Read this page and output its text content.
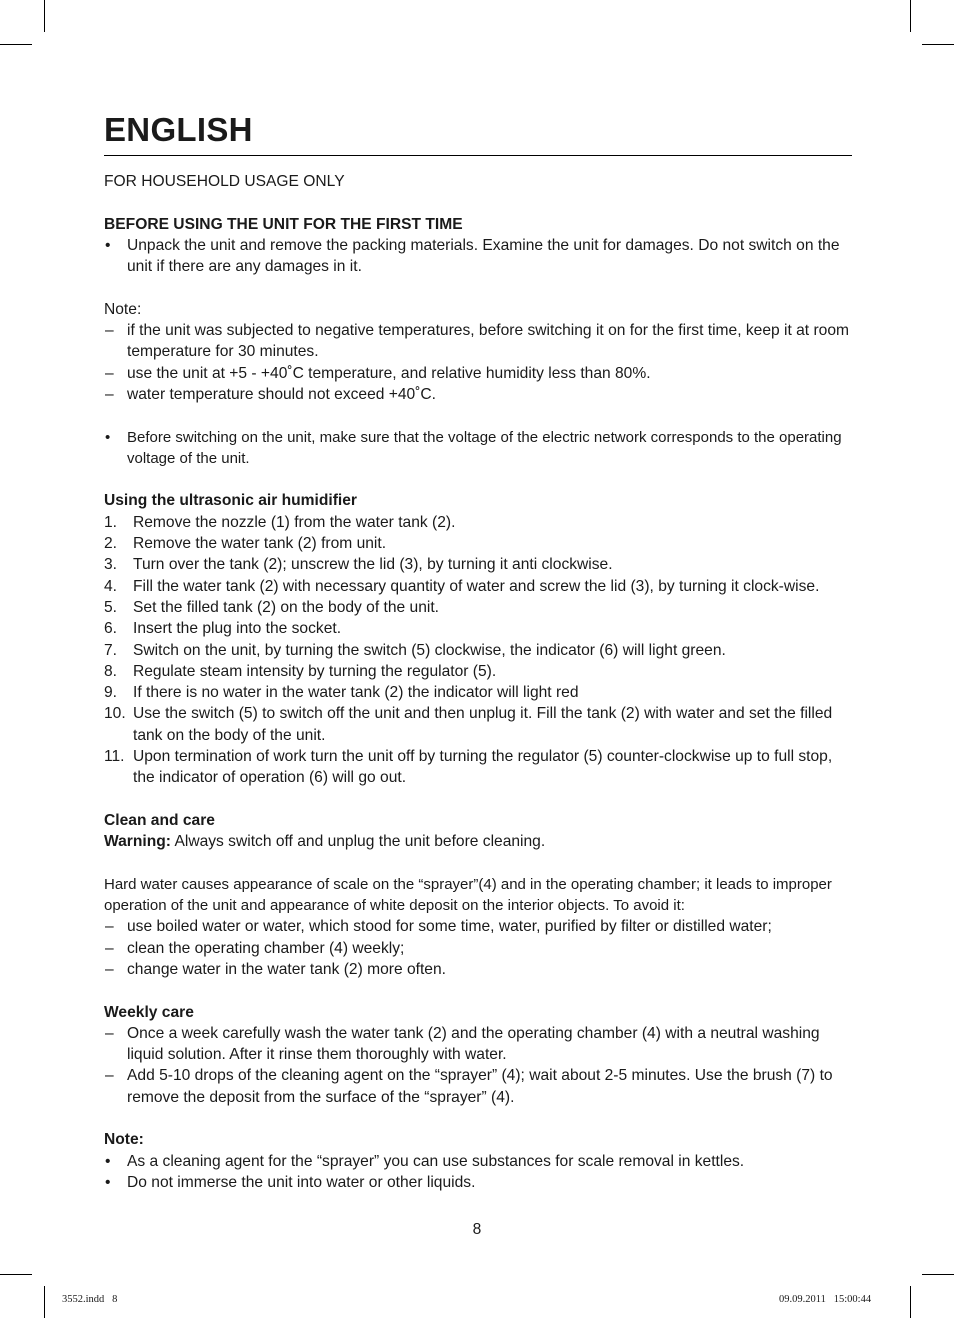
ENGLISH
FOR HOUSEHOLD USAGE ONLY
BEFORE USING THE UNIT FOR THE FIRST TIME
• Unpack the unit and remove the packing materials. Examine the unit for damages. Do not switch on the unit if there are any damages in it.
Note:
– if the unit was subjected to negative temperatures, before switching it on for the first time, keep it at room temperature for 30 minutes.
– use the unit at +5 - +40˚C temperature, and relative humidity less than 80%.
– water temperature should not exceed +40˚C.
• Before switching on the unit, make sure that the voltage of the electric network corresponds to the operating voltage of the unit.
Using the ultrasonic air humidifier
1. Remove the nozzle (1) from the water tank (2).
2. Remove the water tank (2) from unit.
3. Turn over the tank (2); unscrew the lid (3), by turning it anti clockwise.
4. Fill the water tank (2) with necessary quantity of water and screw the lid (3), by turning it clock-wise.
5. Set the filled tank (2) on the body of the unit.
6. Insert the plug into the socket.
7. Switch on the unit, by turning the switch (5) clockwise, the indicator (6) will light green.
8. Regulate steam intensity by turning the regulator (5).
9. If there is no water in the water tank (2) the indicator will light red
10. Use the switch (5) to switch off the unit and then unplug it. Fill the tank (2) with water and set the filled tank on the body of the unit.
11. Upon termination of work turn the unit off by turning the regulator (5) counter-clockwise up to full stop, the indicator of operation (6) will go out.
Clean and care
Warning: Always switch off and unplug the unit before cleaning.
Hard water causes appearance of scale on the “sprayer”(4) and in the operating chamber; it leads to improper operation of the unit and appearance of white deposit on the interior objects. To avoid it:
– use boiled water or water, which stood for some time, water, purified by filter or distilled water;
– clean the operating chamber (4) weekly;
– change water in the water tank (2) more often.
Weekly care
– Once a week carefully wash the water tank (2) and the operating chamber (4) with a neutral washing liquid solution. After it rinse them thoroughly with water.
– Add 5-10 drops of the cleaning agent on the “sprayer” (4); wait about 2-5 minutes. Use the brush (7) to remove the deposit from the surface of the “sprayer” (4).
Note:
• As a cleaning agent for the “sprayer” you can use substances for scale removal in kettles.
• Do not immerse the unit into water or other liquids.
8
3552.indd   8	09.09.2011   15:00:44
